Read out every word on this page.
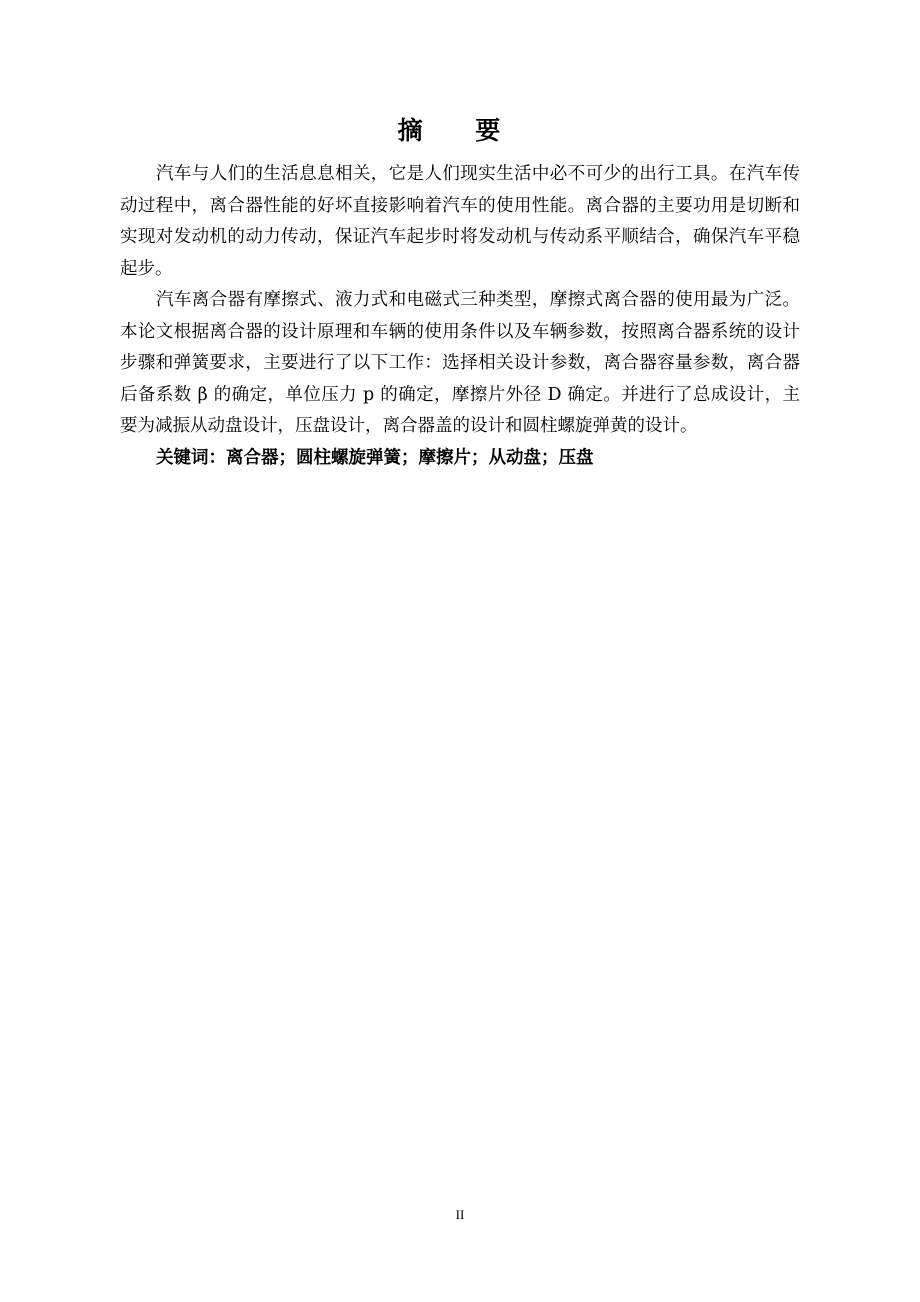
摘 要

汽车与人们的生活息息相关，它是人们现实生活中必不可少的出行工具。在汽车传动过程中，离合器性能的好坏直接影响着汽车的使用性能。离合器的主要功用是切断和实现对发动机的动力传动，保证汽车起步时将发动机与传动系平顺结合，确保汽车平稳起步。

汽车离合器有摩擦式、液力式和电磁式三种类型，摩擦式离合器的使用最为广泛。本论文根据离合器的设计原理和车辆的使用条件以及车辆参数，按照离合器系统的设计步骤和弹簧要求，主要进行了以下工作：选择相关设计参数，离合器容量参数，离合器后备系数 β 的确定，单位压力 p 的确定，摩擦片外径 D 确定。并进行了总成设计，主要为减振从动盘设计，压盘设计，离合器盖的设计和圆柱螺旋弹黄的设计。

关键词：离合器；圆柱螺旋弹簧；摩擦片；从动盘；压盘

II
